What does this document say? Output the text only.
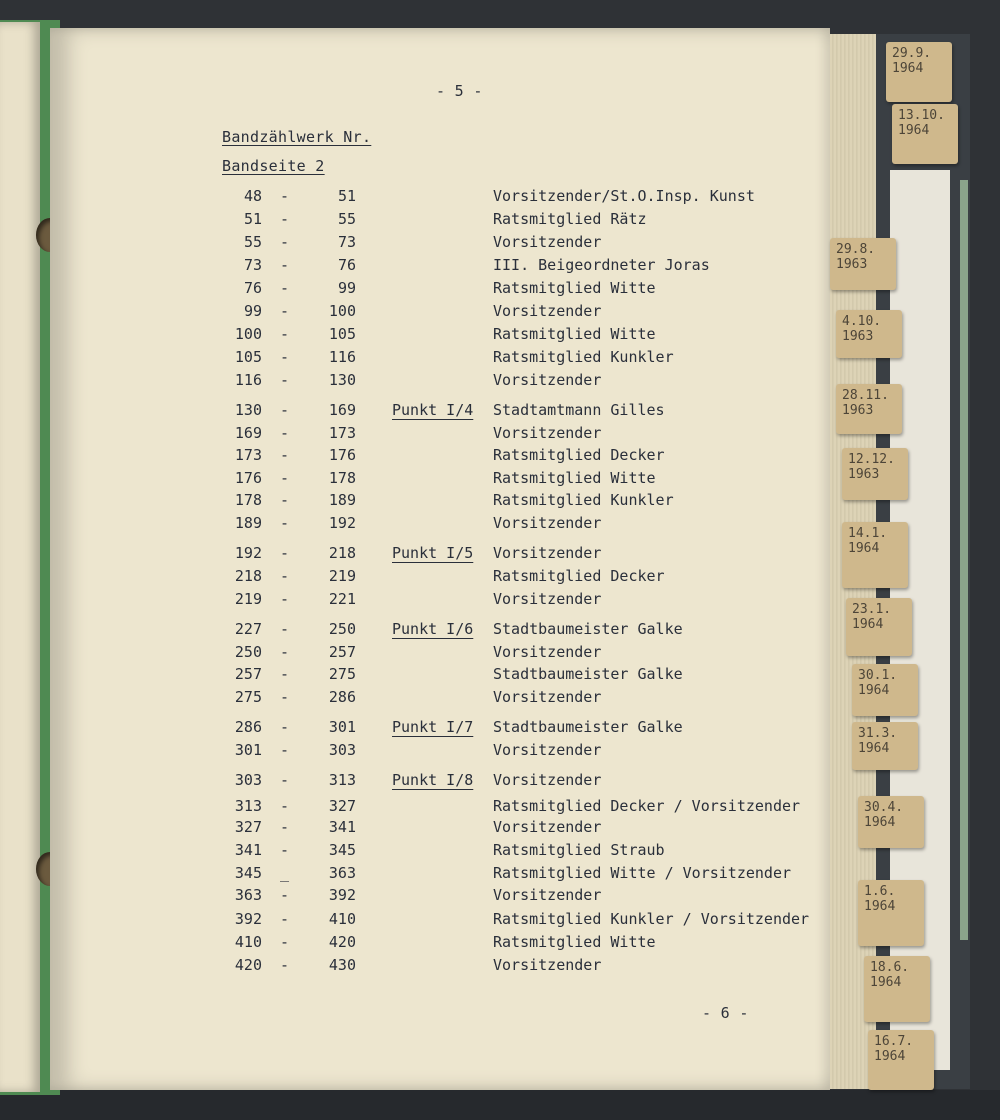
- 5 -
Bandzählwerk Nr.
Bandseite 2
48 -	51	Vorsitzender/St.O.Insp. Kunst
51 -	55	Ratsmitglied Rätz
55 -	73	Vorsitzender
73 -	76	III. Beigeordneter Joras
76 -	99	Ratsmitglied Witte
99 -	100	Vorsitzender
100 -	105	Ratsmitglied Witte
105 -	116	Ratsmitglied Kunkler
116 -	130	Vorsitzender
130 -	169 Punkt I/4 Stadtamtmann Gilles
169 -	173	Vorsitzender
173 -	176	Ratsmitglied Decker
176 -	178	Ratsmitglied Witte
178 -	189	Ratsmitglied Kunkler
189 -	192	Vorsitzender
192 -	218 Punkt I/5 Vorsitzender
218 -	219	Ratsmitglied Decker
219 -	221	Vorsitzender
227 -	250 Punkt I/6 Stadtbaumeister Galke
250 -	257	Vorsitzender
257 -	275	Stadtbaumeister Galke
275 -	286	Vorsitzender
286 -	301 Punkt I/7 Stadtbaumeister Galke
301 -	303	Vorsitzender
303 -	313 Punkt I/8 Vorsitzender
313 -	327	Ratsmitglied Decker / Vorsitzender
327 -	341	Vorsitzender
341 -	345	Ratsmitglied Straub
345 _	363	Ratsmitglied Witte / Vorsitzender
363 -	392	Vorsitzender
392 -	410	Ratsmitglied Kunkler / Vorsitzender
410 -	420	Ratsmitglied Witte
420 -	430	Vorsitzender
- 6 -
29.9.
1964
13.10.
1964
29.8.
1963
4.10.
1963
28.11.
1963
12.12.
1963
14.1.
1964
23.1.
1964
30.1.
1964
31.3.
1964
30.4.
1964
1.6.
1964
18.6.
1964
16.7.
1964
